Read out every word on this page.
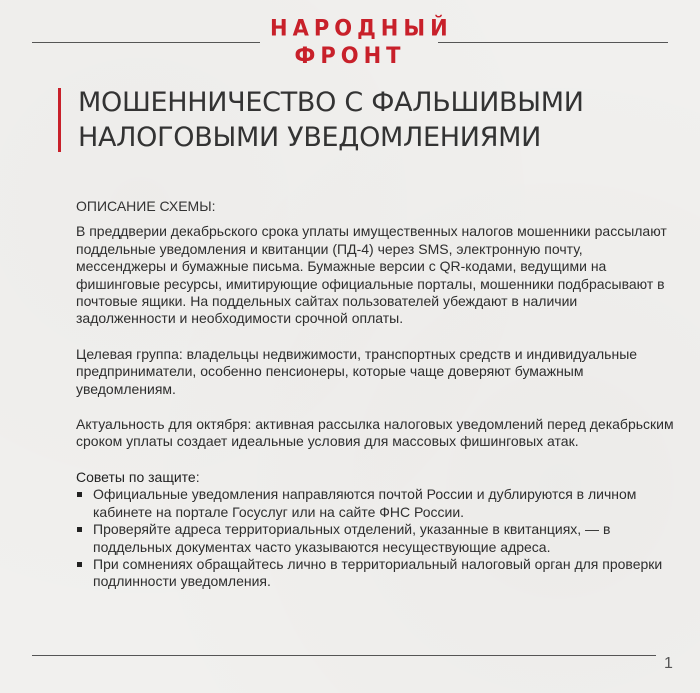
НАРОДНЫЙ
ФРОНТ
МОШЕННИЧЕСТВО С ФАЛЬШИВЫМИ
НАЛОГОВЫМИ УВЕДОМЛЕНИЯМИ

ОПИСАНИЕ СХЕМЫ:

В преддверии декабрьского срока уплаты имущественных налогов мошенники рассылают поддельные уведомления и квитанции (ПД-4) через SMS, электронную почту, мессенджеры и бумажные письма. Бумажные версии с QR-кодами, ведущими на фишинговые ресурсы, имитирующие официальные порталы, мошенники подбрасывают в почтовые ящики. На поддельных сайтах пользователей убеждают в наличии задолженности и необходимости срочной оплаты.

Целевая группа: владельцы недвижимости, транспортных средств и индивидуальные предприниматели, особенно пенсионеры, которые чаще доверяют бумажным уведомлениям.

Актуальность для октября: активная рассылка налоговых уведомлений перед декабрьским сроком уплаты создает идеальные условия для массовых фишинговых атак.

Советы по защите:

Официальные уведомления направляются почтой России и дублируются в личном кабинете на портале Госуслуг или на сайте ФНС России.
Проверяйте адреса территориальных отделений, указанные в квитанциях, — в поддельных документах часто указываются несуществующие адреса.
При сомнениях обращайтесь лично в территориальный налоговый орган для проверки подлинности уведомления.
1
